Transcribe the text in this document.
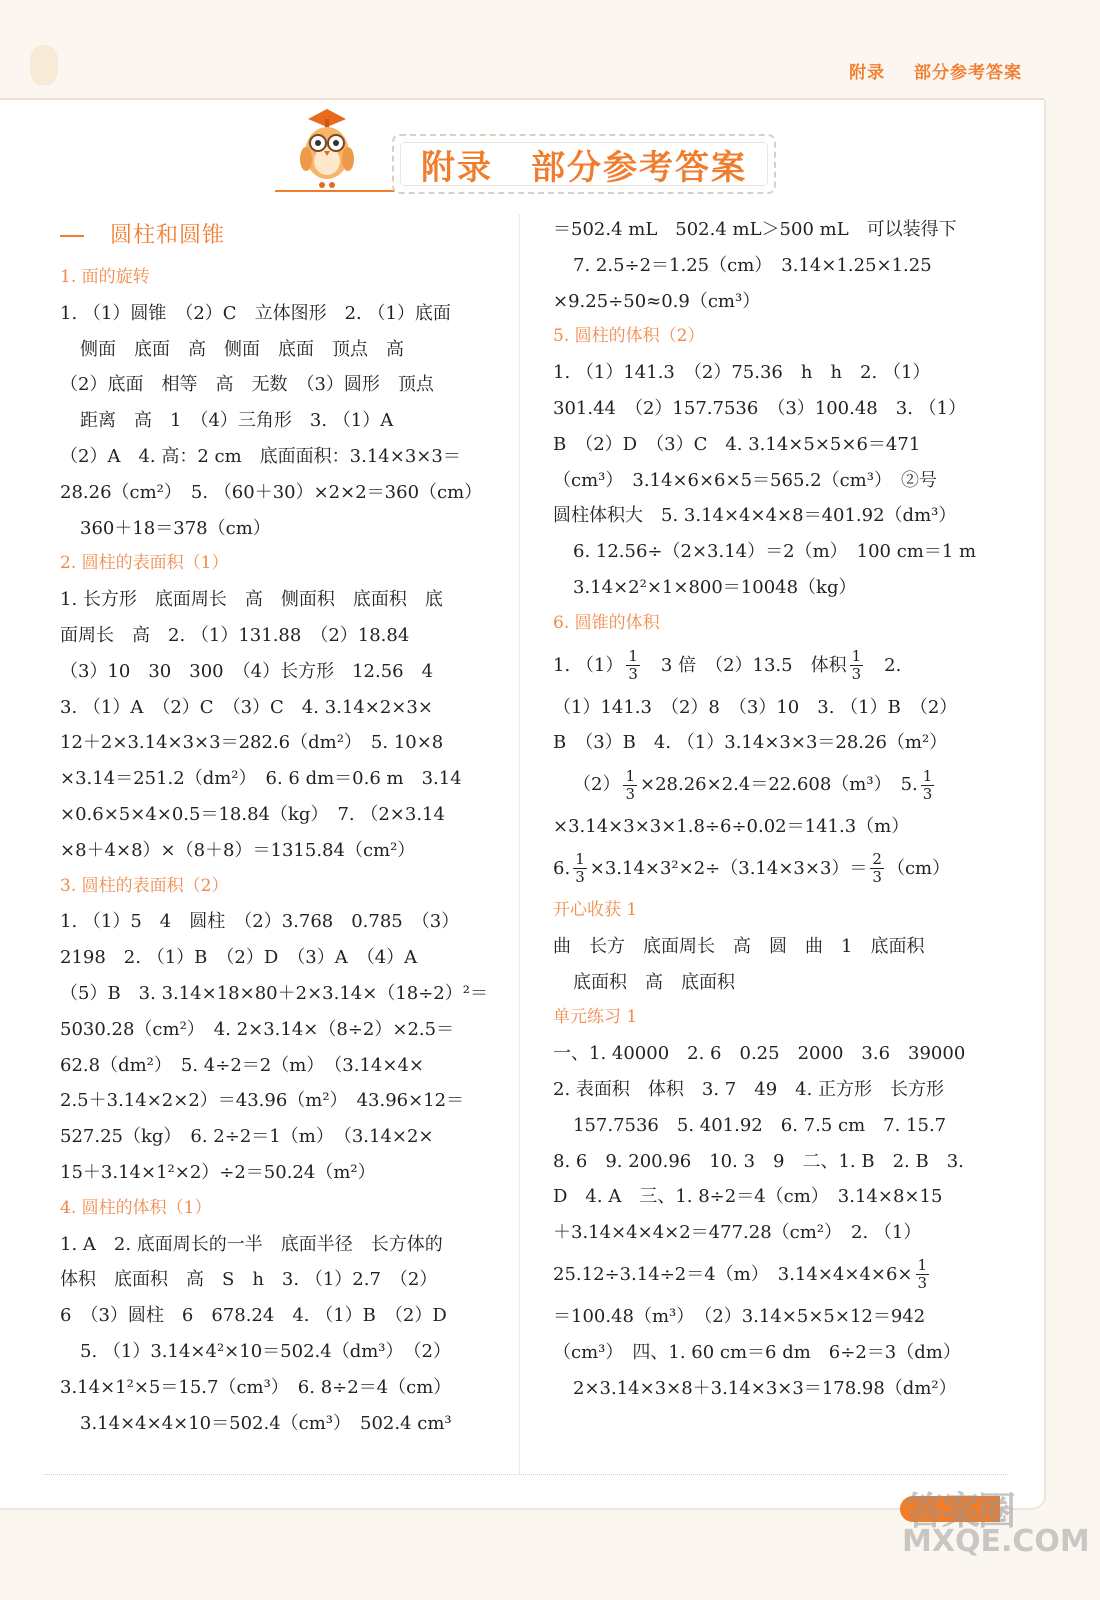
附录 部分参考答案
附录 部分参考答案
圆柱和圆锥
1. 面的旋转
1. （1）圆锥　（2）C　立体图形　2. （1）底面
侧面　底面　高　侧面　底面　顶点　高
（2）底面　相等　高　无数　（3）圆形　顶点
距离　高　1　（4）三角形　3. （1）A
（2）A　4. 高：2 cm　底面面积：3.14×3×3＝
28.26（cm²）　5. （60＋30）×2×2＝360（cm）
360＋18＝378（cm）
2. 圆柱的表面积（1）
1. 长方形　底面周长　高　侧面积　底面积　底
面周长　高　2. （1）131.88　（2）18.84
（3）10　30　300　（4）长方形　12.56　4
3. （1）A　（2）C　（3）C　4. 3.14×2×3×
12＋2×3.14×3×3＝282.6（dm²）　5. 10×8
×3.14＝251.2（dm²）　6. 6 dm＝0.6 m　3.14
×0.6×5×4×0.5＝18.84（kg）　7. （2×3.14
×8＋4×8）×（8＋8）＝1315.84（cm²）
3. 圆柱的表面积（2）
1. （1）5　4　圆柱　（2）3.768　0.785　（3）
2198　2. （1）B　（2）D　（3）A　（4）A
（5）B　3. 3.14×18×80＋2×3.14×（18÷2）²＝
5030.28（cm²）　4. 2×3.14×（8÷2）×2.5＝
62.8（dm²）　5. 4÷2＝2（m）　（3.14×4×
2.5＋3.14×2×2）＝43.96（m²）　43.96×12＝
527.25（kg）　6. 2÷2＝1（m）　（3.14×2×
15＋3.14×1²×2）÷2＝50.24（m²）
4. 圆柱的体积（1）
1. A　2. 底面周长的一半　底面半径　长方体的
体积　底面积　高　S　h　3. （1）2.7　（2）
6　（3）圆柱　6　678.24　4. （1）B　（2）D
5. （1）3.14×4²×10＝502.4（dm³）　（2）
3.14×1²×5＝15.7（cm³）　6. 8÷2＝4（cm）
3.14×4×4×10＝502.4（cm³）　502.4 cm³
＝502.4 mL　502.4 mL＞500 mL　可以装得下
7. 2.5÷2＝1.25（cm）　3.14×1.25×1.25
×9.25÷50≈0.9（cm³）
5. 圆柱的体积（2）
1. （1）141.3　（2）75.36　h　h　2. （1）
301.44　（2）157.7536　（3）100.48　3. （1）
B　（2）D　（3）C　4. 3.14×5×5×6＝471
（cm³）　3.14×6×6×5＝565.2（cm³）　②号
圆柱体积大　5. 3.14×4×4×8＝401.92（dm³）
6. 12.56÷（2×3.14）＝2（m）　100 cm＝1 m
3.14×2²×1×800＝10048（kg）
6. 圆锥的体积
1. $(1) \frac{1}{3}$ 　3 倍　（2）13.5　体积 $\frac{1}{3}$ 　2.
（1）141.3　（2）8　（3）10　3. （1）B　（2）
B　（3）B　4. （1）3.14×3×3＝28.26（m²）
$(2) \frac{1}{3} \times 28.26\times 2.4=22.608(m^3)$　5. $\frac{1}{3}$
×3.14×3×3×1.8÷6÷0.02＝141.3（m）
6. $\frac{1}{3} \times 3.14\times 3^2\times 2\div(3.14\times 3\times 3)= \frac{2}{3} (cm)$
开心收获 1
曲　长方　底面周长　高　圆　曲　1　底面积
底面积　高　底面积
单元练习 1
一、1. 40000　2. 6　0.25　2000　3.6　39000
2. 表面积　体积　3. 7　49　4. 正方形　长方形
157.7536　5. 401.92　6. 7.5 cm　7. 15.7
8. 6　9. 200.96　10. 3　9　二、1. B　2. B　3.
D　4. A　三、1. 8÷2＝4（cm）　3.14×8×15
＋3.14×4×4×2＝477.28（cm²）　2. （1）
25.12÷3.14÷2＝4（m）　$3.14\times 4\times 4\times 6\times \frac{1}{3}$
＝100.48（m³）　（2）3.14×5×5×12＝942
（cm³）　四、1. 60 cm＝6 dm　6÷2＝3（dm）
2×3.14×3×8＋3.14×3×3＝178.98（dm²）
答案圈
MXQE.COM
